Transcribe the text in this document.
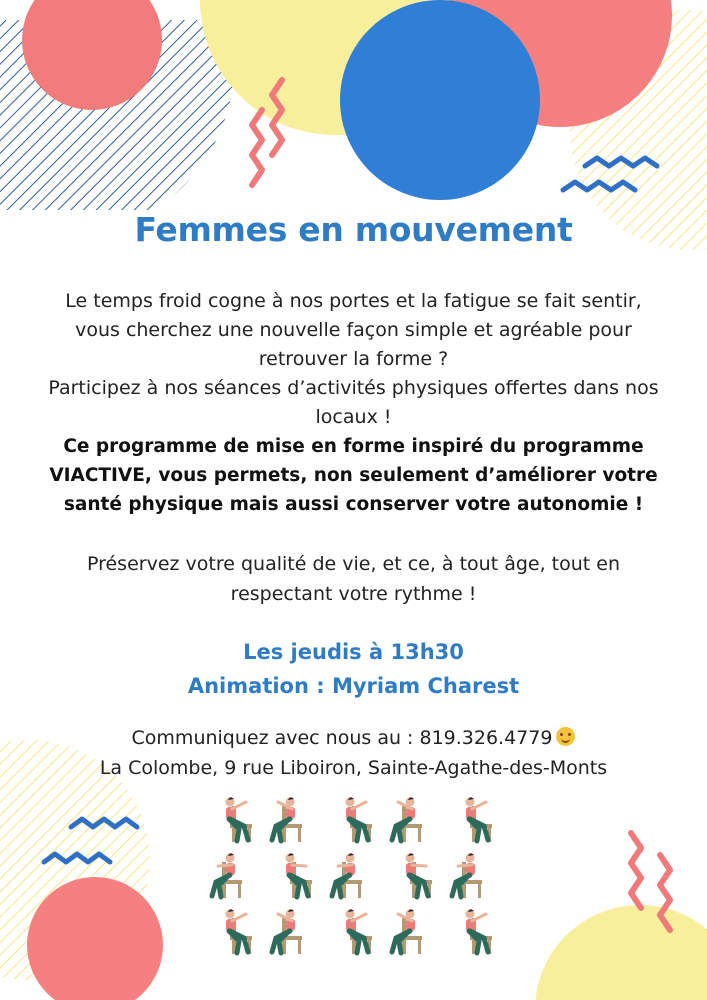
Femmes en mouvement

Le temps froid cogne à nos portes et la fatigue se fait sentir,

vous cherchez une nouvelle façon simple et agréable pour

retrouver la forme ?

Participez à nos séances d’activités physiques offertes dans nos

locaux !

Ce programme de mise en forme inspiré du programme

VIACTIVE, vous permets, non seulement d’améliorer votre

santé physique mais aussi conserver votre autonomie !

Préservez votre qualité de vie, et ce, à tout âge, tout en

respectant votre rythme !

Les jeudis à 13h30

Animation : Myriam Charest

Communiquez avec nous au : 819.326.4779

La Colombe, 9 rue Liboiron, Sainte-Agathe-des-Monts
